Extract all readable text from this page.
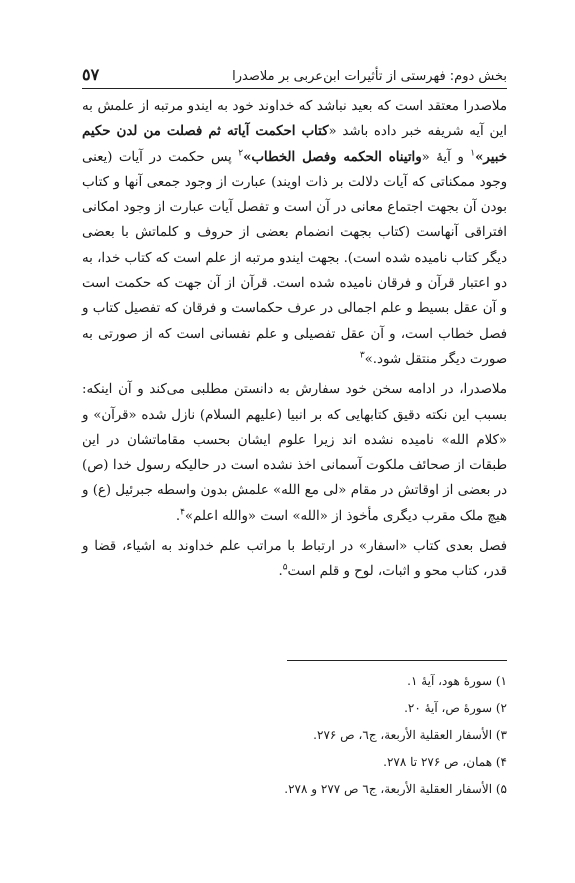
بخش دوم: فهرستی از تأثیرات ابن‌عربی بر ملاصدرا
٥٧

ملاصدرا معتقد است که بعید نباشد که خداوند خود به ایندو مرتبه از علمش به این آیه شریفه خبر داده باشد «کتاب احکمت آیاته ثم فصلت من لدن حکیم خبیر»$^۱$ و آیهٔ «واتیناه الحکمه وفصل الخطاب»$^۲$ پس حکمت در آیات (یعنی وجود ممکناتی که آیات دلالت بر ذات اویند) عبارت از وجود جمعی آنها و کتاب بودن آن بجهت اجتماع معانی در آن است و تفصل آیات عبارت از وجود امکانی افتراقی آنهاست (کتاب بجهت انضمام بعضی از حروف و کلماتش با بعضی دیگر کتاب نامیده شده است). بجهت ایندو مرتبه از علم است که کتاب خدا، به دو اعتبار قرآن و فرقان نامیده شده است. قرآن از آن جهت که حکمت است و آن عقل بسیط و علم اجمالی در عرف حکماست و فرقان که تفصیل کتاب و فصل خطاب است، و آن عقل تفصیلی و علم نفسانی است که از صورتی به صورت دیگر منتقل شود.»$^۳$

ملاصدرا، در ادامه سخن خود سفارش به دانستن مطلبی می‌کند و آن اینکه: بسبب این نکته دقیق کتابهایی که بر انبیا (علیهم السلام) نازل شده «قرآن» و «کلام الله» نامیده نشده اند زیرا علوم ایشان بحسب مقاماتشان در این طبقات از صحائف ملکوت آسمانی اخذ نشده است در حالیکه رسول خدا (ص) در بعضی از اوقاتش در مقام «لی مع الله» علمش بدون واسطه جبرئیل (ع) و هیچ ملک مقرب دیگری مأخوذ از «الله» است «والله اعلم»$^۴$.

فصل بعدی کتاب «اسفار» در ارتباط با مراتب علم خداوند به اشیاء، قضا و قدر، کتاب محو و اثبات، لوح و قلم است$^۵$.

١) سورهٔ هود، آیهٔ ١.
٢) سورهٔ ص، آیهٔ ٢٠.
٣) الأسفار العقلية الأربعة، ج٦، ص ٢٧۶.
۴) همان، ص ٢٧۶ تا ٢٧٨.
۵) الأسفار العقلية الأربعة، ج٦ ص ٢٧٧ و ٢٧٨.
